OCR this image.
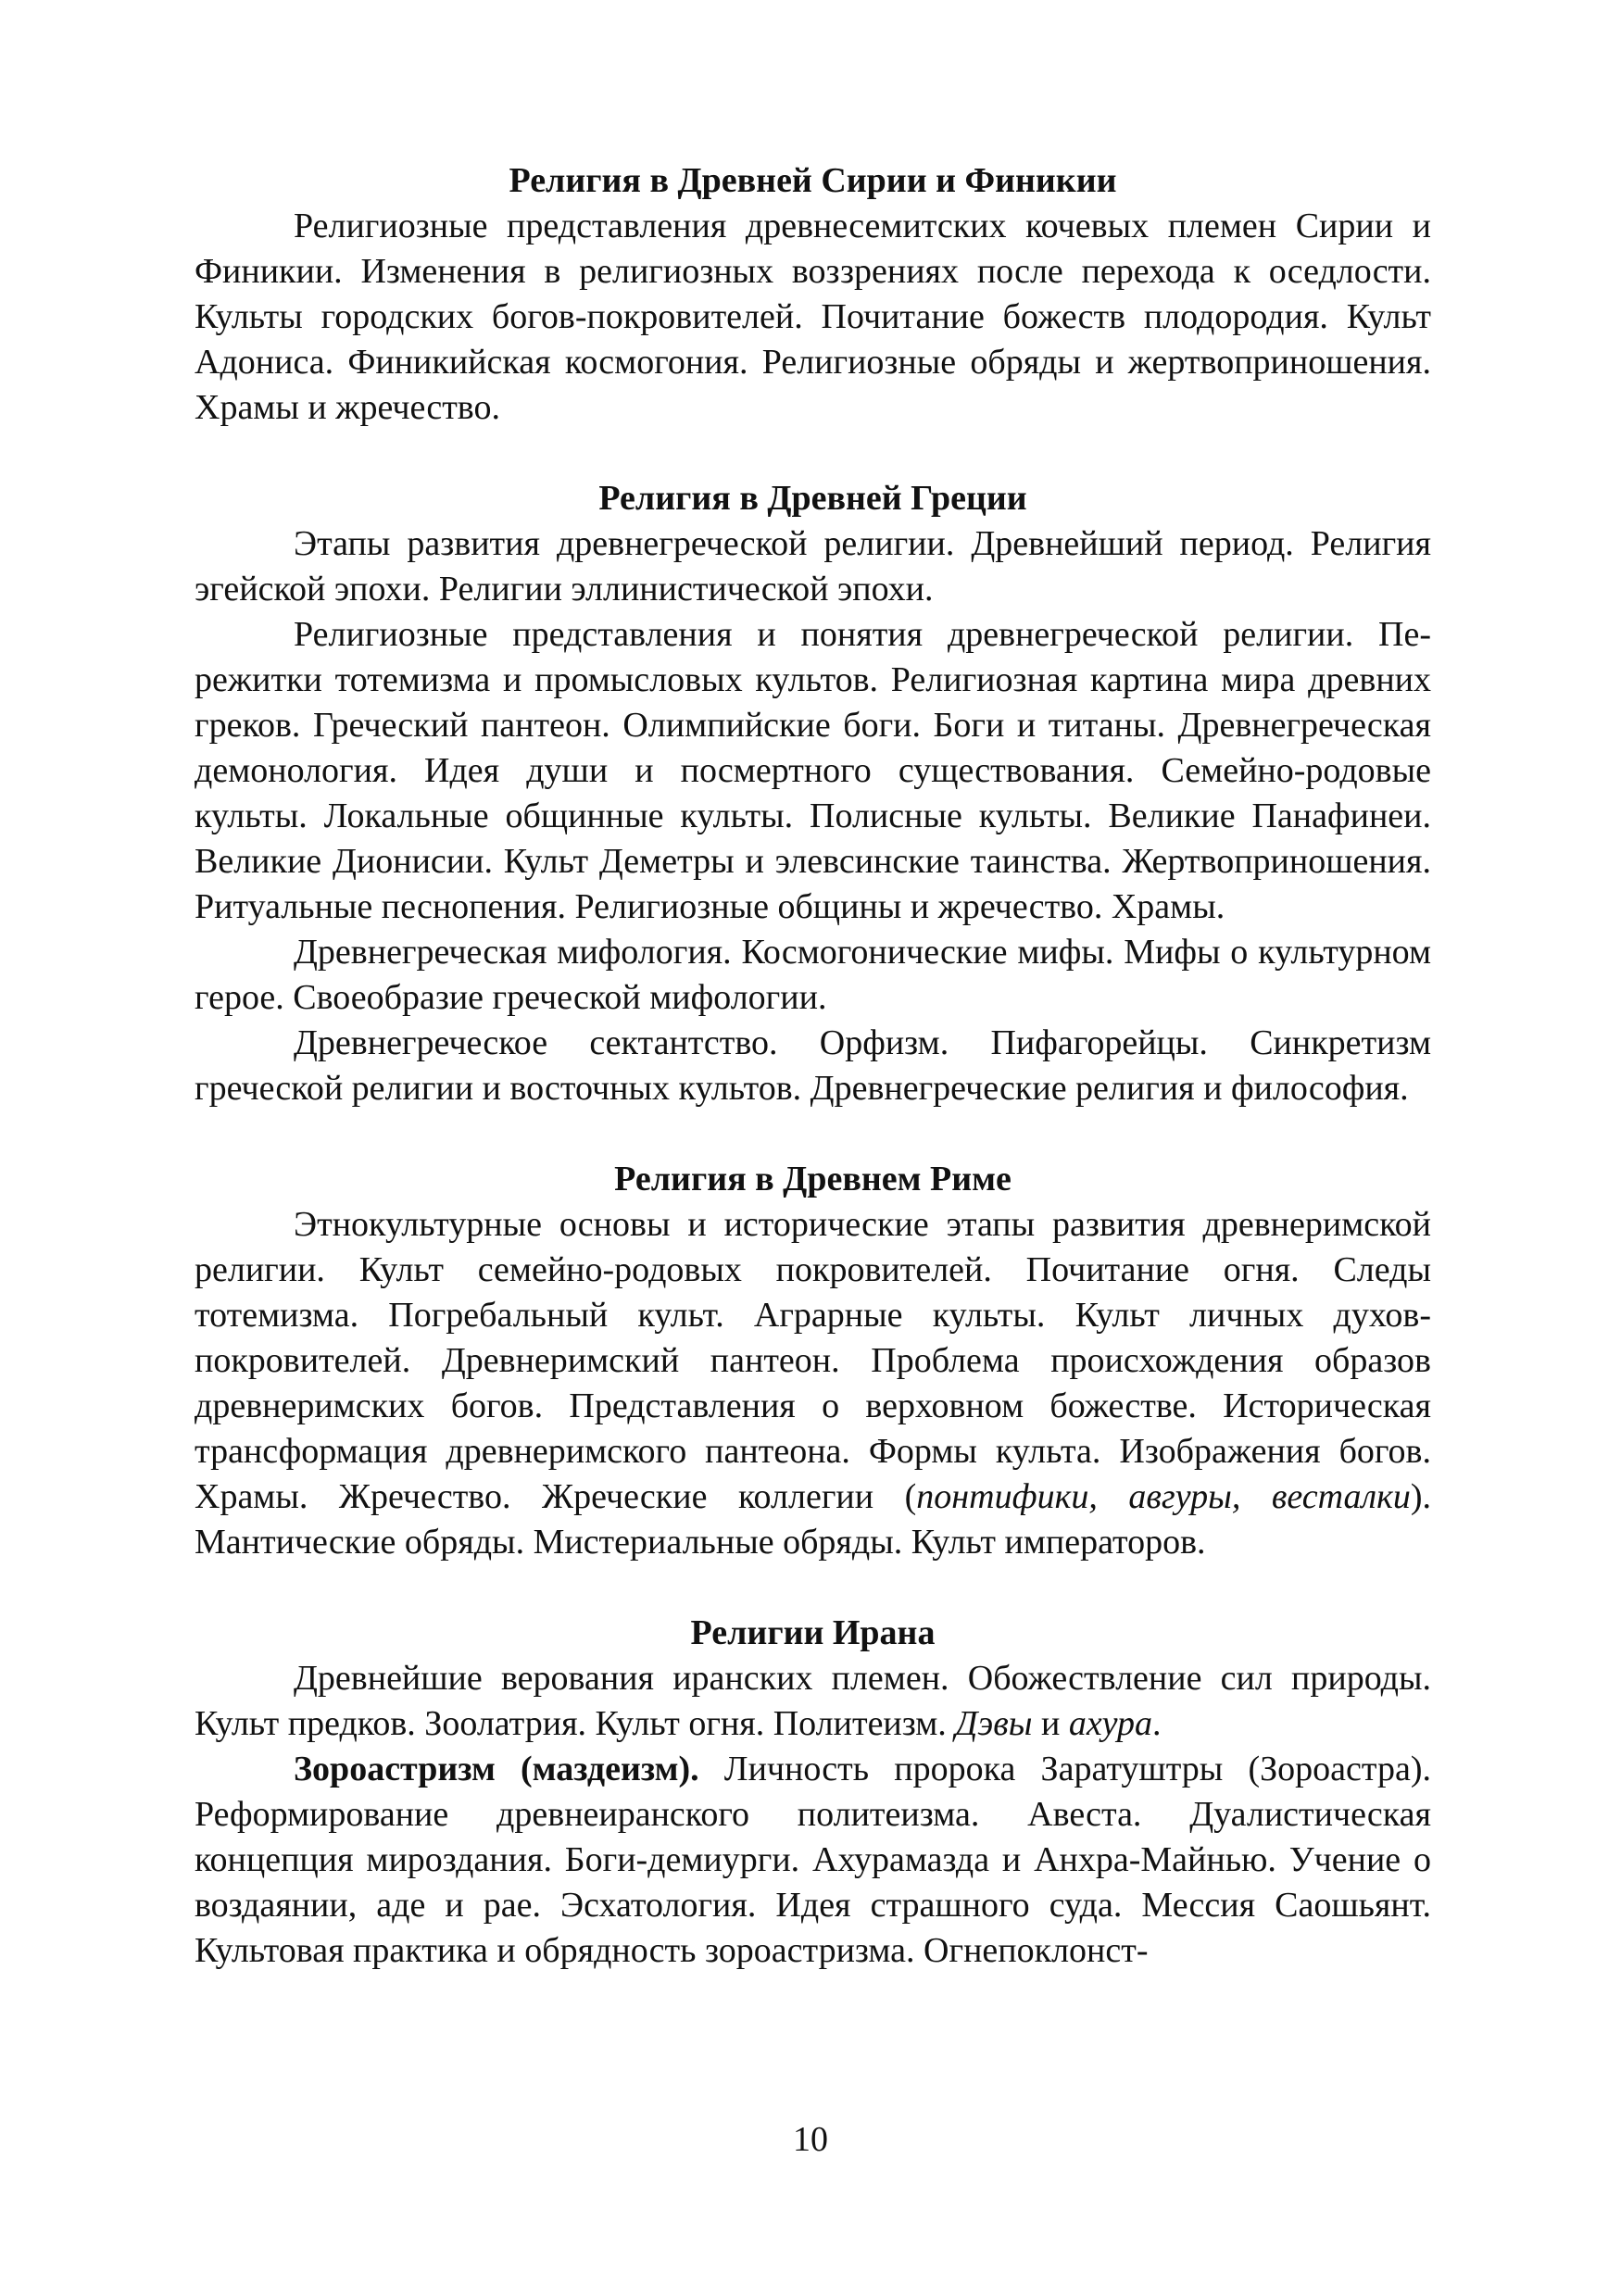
Религия в Древней Сирии и Финикии

Религиозные представления древнесемитских кочевых племен Сирии и Финикии. Изменения в религиозных воззрениях после перехода к оседлости. Культы городских богов-покровителей. Почитание божеств плодородия. Культ Адониса. Финикийская космогония. Религиозные обряды и жертвоприношения. Храмы и жречество.

Религия в Древней Греции

Этапы развития древнегреческой религии. Древнейший период. Религия эгейской эпохи. Религии эллинистической эпохи.

Религиозные представления и понятия древнегреческой религии. Пережитки тотемизма и промысловых культов. Религиозная картина мира древних греков. Греческий пантеон. Олимпийские боги. Боги и титаны. Древнегреческая демонология. Идея души и посмертного существования. Семейно-родовые культы. Локальные общинные культы. Полисные культы. Великие Панафинеи. Великие Дионисии. Культ Деметры и элевсинские таинства. Жертвоприношения. Ритуальные песнопения. Религиозные общины и жречество. Храмы.

Древнегреческая мифология. Космогонические мифы. Мифы о культурном герое. Своеобразие греческой мифологии.

Древнегреческое сектантство. Орфизм. Пифагорейцы. Синкретизм греческой религии и восточных культов. Древнегреческие религия и философия.

Религия в Древнем Риме

Этнокультурные основы и исторические этапы развития древнеримской религии. Культ семейно-родовых покровителей. Почитание огня. Следы тотемизма. Погребальный культ. Аграрные культы. Культ личных духов-покровителей. Древнеримский пантеон. Проблема происхождения образов древнеримских богов. Представления о верховном божестве. Историческая трансформация древнеримского пантеона. Формы культа. Изображения богов. Храмы. Жречество. Жреческие коллегии (понтифики, авгуры, весталки). Мантические обряды. Мистериальные обряды. Культ императоров.

Религии Ирана

Древнейшие верования иранских племен. Обожествление сил природы. Культ предков. Зоолатрия. Культ огня. Политеизм. Дэвы и ахура.

Зороастризм (маздеизм). Личность пророка Заратуштры (Зороастра). Реформирование древнеиранского политеизма. Авеста. Дуалистическая концепция мироздания. Боги-демиурги. Ахурамазда и Анхра-Майнью. Учение о воздаянии, аде и рае. Эсхатология. Идея страшного суда. Мессия Саошьянт. Культовая практика и обрядность зороастризма. Огнепоклонст-

10
